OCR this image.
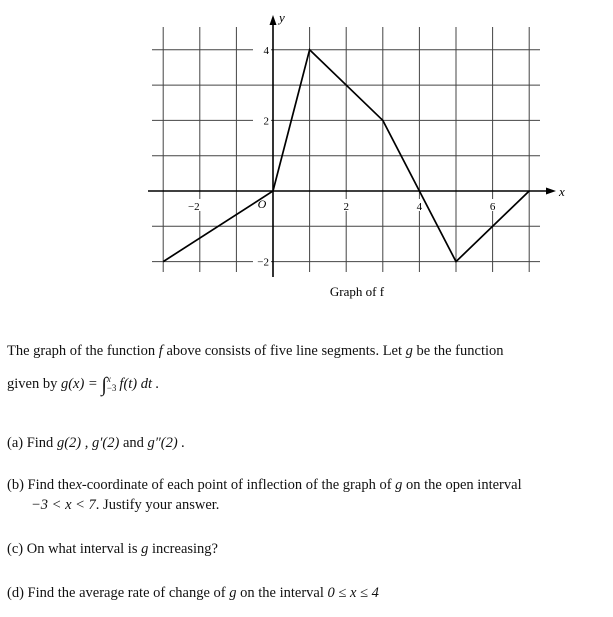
x
y
O
−2	2	4	6
−2
2
4
Graph of f
The graph of the function f above consists of five line segments. Let g be the function
given by g(x) = ∫ x
−3 f(t) dt .
(a) Find g(2) , g′(2) and g″(2) .
(b) Find thex-coordinate of each point of inflection of the graph of g on the open interval
−3 < x < 7. Justify your answer.
(c) On what interval is g increasing?
(d) Find the average rate of change of g on the interval 0 ≤ x ≤ 4
